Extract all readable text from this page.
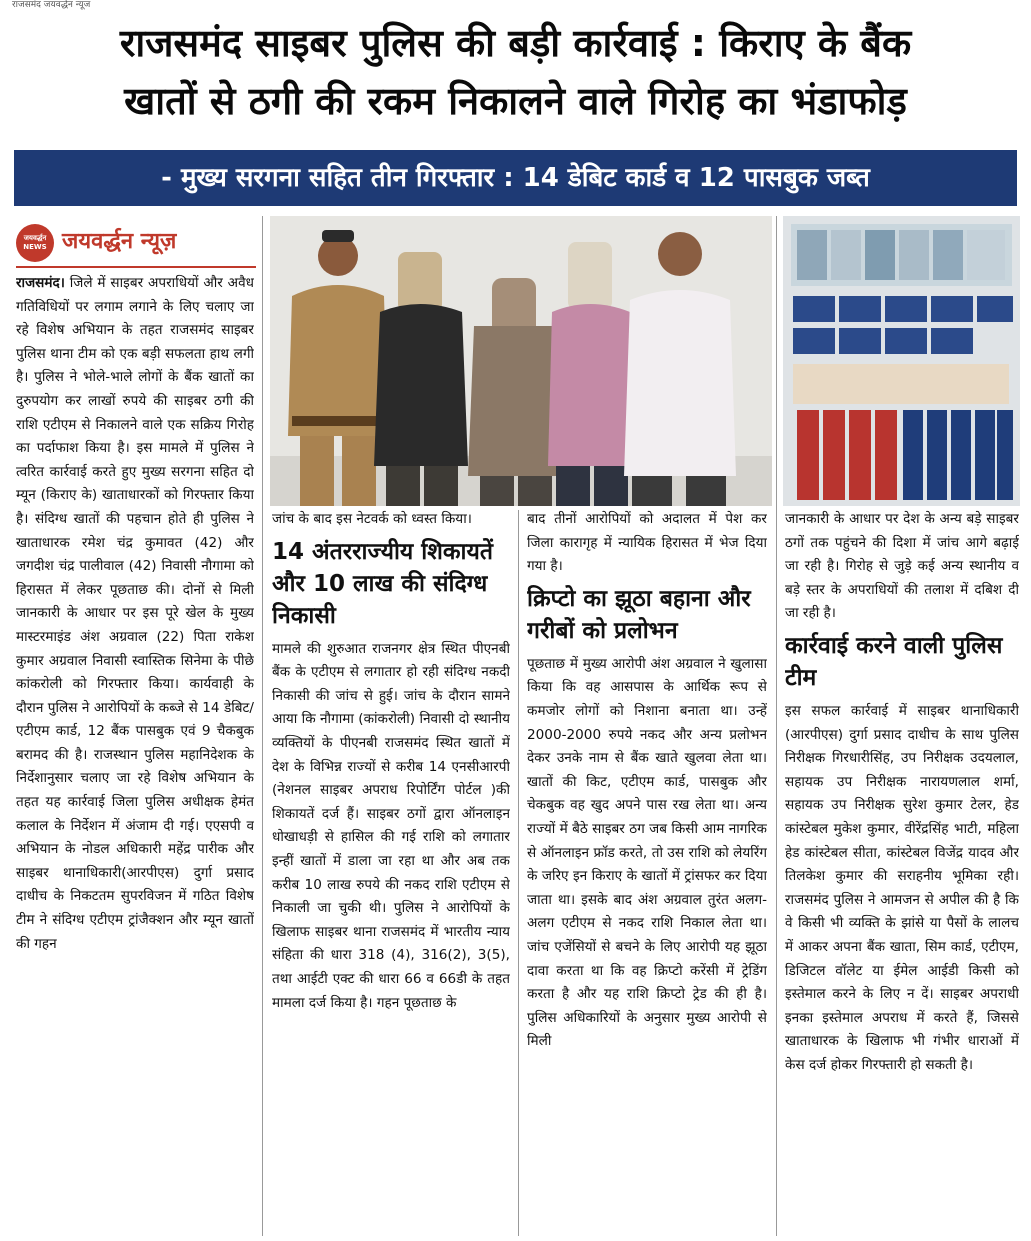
राजसमंद जयवर्द्धन न्यूज
राजसमंद साइबर पुलिस की बड़ी कार्रवाई : किराए के बैंक
खातों से ठगी की रकम निकालने वाले गिरोह का भंडाफोड़
- मुख्य सरगना सहित तीन गिरफ्तार : 14 डेबिट कार्ड व 12 पासबुक जब्त
जयवर्द्धन
NEWS जयवर्द्धन न्यूज़

राजसमंद। जिले में साइबर अपराधियों और अवैध गतिविधियों पर लगाम लगाने के लिए चलाए जा रहे विशेष अभियान के तहत राजसमंद साइबर पुलिस थाना टीम को एक बड़ी सफलता हाथ लगी है। पुलिस ने भोले-भाले लोगों के बैंक खातों का दुरुपयोग कर लाखों रुपये की साइबर ठगी की राशि एटीएम से निकालने वाले एक सक्रिय गिरोह का पर्दाफाश किया है। इस मामले में पुलिस ने त्वरित कार्रवाई करते हुए मुख्य सरगना सहित दो म्यून (किराए के) खाताधारकों को गिरफ्तार किया है। संदिग्ध खातों की पहचान होते ही पुलिस ने खाताधारक रमेश चंद्र कुमावत (42) और जगदीश चंद्र पालीवाल (42) निवासी नौगामा को हिरासत में लेकर पूछताछ की। दोनों से मिली जानकारी के आधार पर इस पूरे खेल के मुख्य मास्टरमाइंड अंश अग्रवाल (22) पिता राकेश कुमार अग्रवाल निवासी स्वास्तिक सिनेमा के पीछे कांकरोली को गिरफ्तार किया। कार्यवाही के दौरान पुलिस ने आरोपियों के कब्जे से 14 डेबिट/एटीएम कार्ड, 12 बैंक पासबुक एवं 9 चैकबुक बरामद की है। राजस्थान पुलिस महानिदेशक के निर्देशानुसार चलाए जा रहे विशेष अभियान के तहत यह कार्रवाई जिला पुलिस अधीक्षक हेमंत कलाल के निर्देशन में अंजाम दी गई। एएसपी व अभियान के नोडल अधिकारी महेंद्र पारीक और साइबर थानाधिकारी(आरपीएस) दुर्गा प्रसाद दाधीच के निकटतम सुपरविजन में गठित विशेष टीम ने संदिग्ध एटीएम ट्रांजैक्शन और म्यून खातों की गहन

जांच के बाद इस नेटवर्क को ध्वस्त किया।

14 अंतरराज्यीय शिकायतें और 10 लाख की संदिग्ध निकासी

मामले की शुरुआत राजनगर क्षेत्र स्थित पीएनबी बैंक के एटीएम से लगातार हो रही संदिग्ध नकदी निकासी की जांच से हुई। जांच के दौरान सामने आया कि नौगामा (कांकरोली) निवासी दो स्थानीय व्यक्तियों के पीएनबी राजसमंद स्थित खातों में देश के विभिन्न राज्यों से करीब 14 एनसीआरपी (नेशनल साइबर अपराध रिपोर्टिंग पोर्टल )की शिकायतें दर्ज हैं। साइबर ठगों द्वारा ऑनलाइन धोखाधड़ी से हासिल की गई राशि को लगातार इन्हीं खातों में डाला जा रहा था और अब तक करीब 10 लाख रुपये की नकद राशि एटीएम से निकाली जा चुकी थी। पुलिस ने आरोपियों के खिलाफ साइबर थाना राजसमंद में भारतीय न्याय संहिता की धारा 318 (4), 316(2), 3(5), तथा आईटी एक्ट की धारा 66 व 66डी के तहत मामला दर्ज किया है। गहन पूछताछ के

बाद तीनों आरोपियों को अदालत में पेश कर जिला कारागृह में न्यायिक हिरासत में भेज दिया गया है।

क्रिप्टो का झूठा बहाना और गरीबों को प्रलोभन

पूछताछ में मुख्य आरोपी अंश अग्रवाल ने खुलासा किया कि वह आसपास के आर्थिक रूप से कमजोर लोगों को निशाना बनाता था। उन्हें 2000-2000 रुपये नकद और अन्य प्रलोभन देकर उनके नाम से बैंक खाते खुलवा लेता था। खातों की किट, एटीएम कार्ड, पासबुक और चेकबुक वह खुद अपने पास रख लेता था। अन्य राज्यों में बैठे साइबर ठग जब किसी आम नागरिक से ऑनलाइन फ्रॉड करते, तो उस राशि को लेयरिंग के जरिए इन किराए के खातों में ट्रांसफर कर दिया जाता था। इसके बाद अंश अग्रवाल तुरंत अलग-अलग एटीएम से नकद राशि निकाल लेता था। जांच एजेंसियों से बचने के लिए आरोपी यह झूठा दावा करता था कि वह क्रिप्टो करेंसी में ट्रेडिंग करता है और यह राशि क्रिप्टो ट्रेड की ही है। पुलिस अधिकारियों के अनुसार मुख्य आरोपी से मिली

जानकारी के आधार पर देश के अन्य बड़े साइबर ठगों तक पहुंचने की दिशा में जांच आगे बढ़ाई जा रही है। गिरोह से जुड़े कई अन्य स्थानीय व बड़े स्तर के अपराधियों की तलाश में दबिश दी जा रही है।

कार्रवाई करने वाली पुलिस टीम

इस सफल कार्रवाई में साइबर थानाधिकारी (आरपीएस) दुर्गा प्रसाद दाधीच के साथ पुलिस निरीक्षक गिरधारीसिंह, उप निरीक्षक उदयलाल, सहायक उप निरीक्षक नारायणलाल शर्मा, सहायक उप निरीक्षक सुरेश कुमार टेलर, हेड कांस्टेबल मुकेश कुमार, वीरेंद्रसिंह भाटी, महिला हेड कांस्टेबल सीता, कांस्टेबल विजेंद्र यादव और तिलकेश कुमार की सराहनीय भूमिका रही। राजसमंद पुलिस ने आमजन से अपील की है कि वे किसी भी व्यक्ति के झांसे या पैसों के लालच में आकर अपना बैंक खाता, सिम कार्ड, एटीएम, डिजिटल वॉलेट या ईमेल आईडी किसी को इस्तेमाल करने के लिए न दें। साइबर अपराधी इनका इस्तेमाल अपराध में करते हैं, जिससे खाताधारक के खिलाफ भी गंभीर धाराओं में केस दर्ज होकर गिरफ्तारी हो सकती है।
